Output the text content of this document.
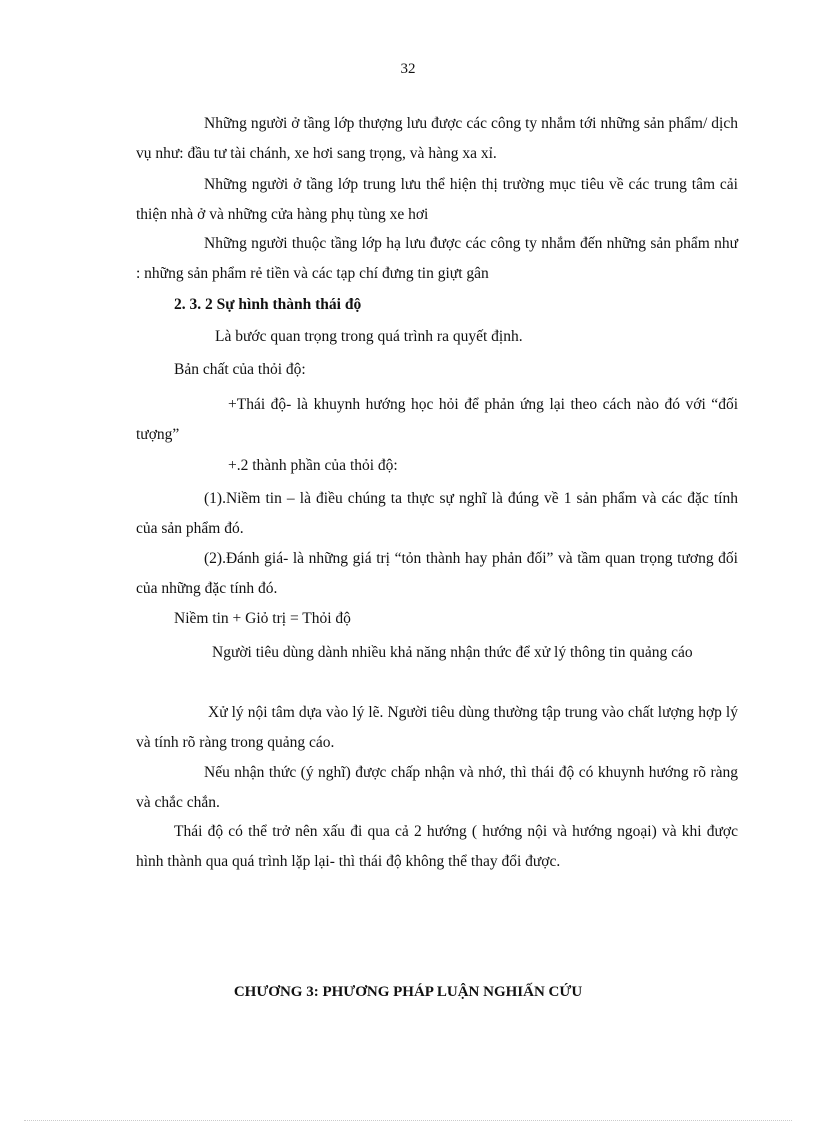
32
Những người ở tầng lớp thượng lưu được các công ty nhắm tới những sản phẩm/ dịch vụ như: đầu tư tài chánh, xe hơi sang trọng, và hàng xa xỉ.
Những người ở tầng lớp trung lưu thể hiện thị trường mục tiêu về các trung tâm cải thiện nhà ở và những cửa hàng phụ tùng xe hơi
Những người thuộc tầng lớp hạ lưu được các công ty nhắm đến những sản phẩm như : những sản phẩm rẻ tiền và các tạp chí đưng tin giựt gân
2. 3. 2 Sự hình thành thái độ
Là bước quan trọng trong quá trình ra quyết định.
Bản chất của thỏi độ:
+Thái độ- là khuynh hướng học hỏi để phản ứng lại theo cách nào đó với “đối tượng”
+.2 thành phần của thỏi độ:
(1).Niềm tin – là điều chúng ta thực sự nghĩ là đúng về 1 sản phẩm và các đặc tính của sản phẩm đó.
(2).Đánh giá- là những giá trị “tỏn thành hay phản đối” và tầm quan trọng tương đối của những đặc tính đó.
Niềm tin + Giỏ trị = Thỏi độ
Người tiêu dùng dành nhiều khả năng nhận thức để xử lý thông tin quảng cáo
Xử lý nội tâm dựa vào lý lẽ. Người tiêu dùng thường tập trung vào chất lượng hợp lý và tính rõ ràng trong quảng cáo.
Nếu nhận thức (ý nghĩ) được chấp nhận và nhớ, thì thái độ có khuynh hướng rõ ràng và chắc chắn.
Thái độ có thể trở nên xấu đi qua cả 2 hướng ( hướng nội và hướng ngoại) và khi được hình thành qua quá trình lặp lại- thì thái độ không thể thay đổi được.
CHƯƠNG 3: PHƯƠNG PHÁP LUẬN NGHIẤN CỨU
